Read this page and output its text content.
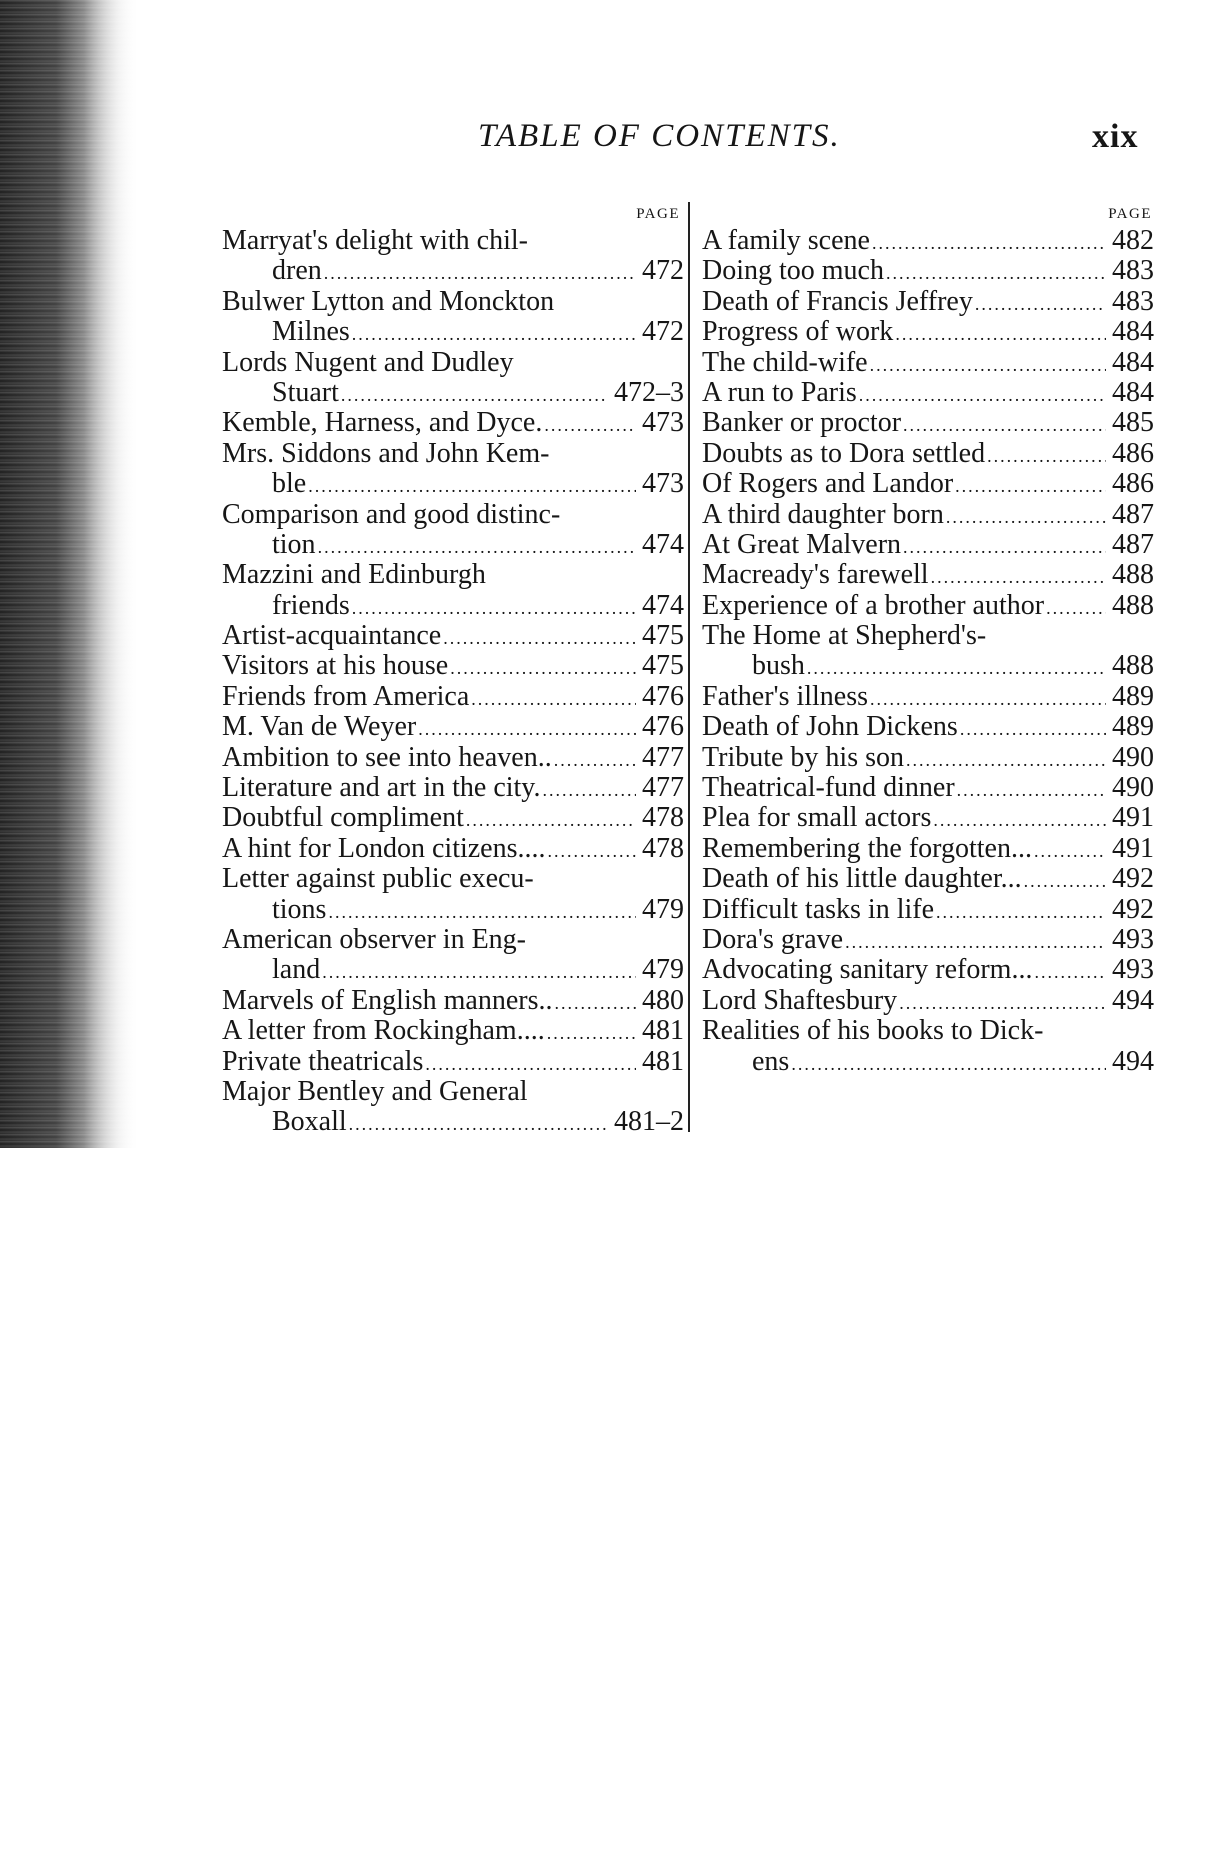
TABLE OF CONTENTS.	xix
PAGE
Marryat's delight with chil-
dren .....	472
Bulwer Lytton and Monckton
Milnes .....	472
Lords Nugent and Dudley
Stuart .....	472–3
Kemble, Harness, and Dyce. .....	473
Mrs. Siddons and John Kem-
ble .....	473
Comparison and good distinc-
tion .....	474
Mazzini and Edinburgh
friends .....	474
Artist-acquaintance .....	475
Visitors at his house .....	475
Friends from America .....	476
M. Van de Weyer .....	476
Ambition to see into heaven.. .....	477
Literature and art in the city. .....	477
Doubtful compliment .....	478
A hint for London citizens.... .....	478
Letter against public execu-
tions .....	479
American observer in Eng-
land .....	479
Marvels of English manners.. .....	480
A letter from Rockingham.... .....	481
Private theatricals .....	481
Major Bentley and General
Boxall .....	481–2
PAGE
A family scene .....	482
Doing too much .....	483
Death of Francis Jeffrey .....	483
Progress of work .....	484
The child-wife .....	484
A run to Paris .....	484
Banker or proctor .....	485
Doubts as to Dora settled .....	486
Of Rogers and Landor .....	486
A third daughter born .....	487
At Great Malvern .....	487
Macready's farewell .....	488
Experience of a brother author ..... 488
The Home at Shepherd's-
bush .....	488
Father's illness .....	489
Death of John Dickens .....	489
Tribute by his son .....	490
Theatrical-fund dinner .....	490
Plea for small actors .....	491
Remembering the forgotten... .....	491
Death of his little daughter... .....	492
Difficult tasks in life .....	492
Dora's grave .....	493
Advocating sanitary reform... .....	493
Lord Shaftesbury .....	494
Realities of his books to Dick-
ens .....	494
